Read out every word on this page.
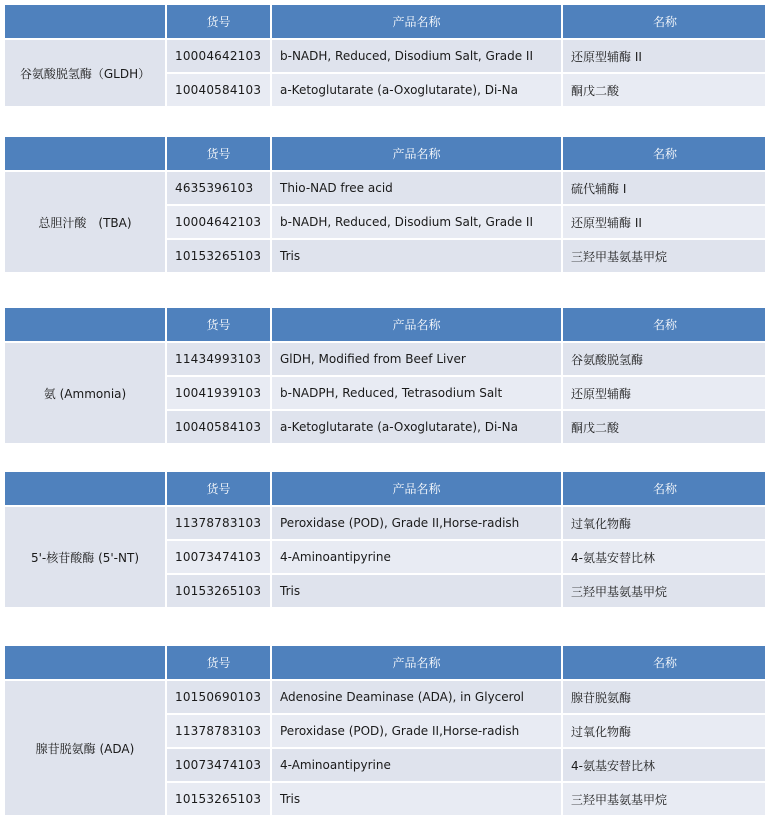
	货号	产品名称	名称
谷氨酸脱氢酶（GLDH）	10004642103	b-NADH, Reduced, Disodium Salt, Grade II	还原型辅酶 II
	10040584103	a-Ketoglutarate (a-Oxoglutarate), Di-Na	酮戊二酸
	货号	产品名称	名称
总胆汁酸　(TBA)	4635396103	Thio-NAD free acid	硫代辅酶 I
	10004642103	b-NADH, Reduced, Disodium Salt, Grade II	还原型辅酶 II
	10153265103	Tris	三羟甲基氨基甲烷
	货号	产品名称	名称
氨 (Ammonia)	11434993103	GlDH, Modified from Beef Liver	谷氨酸脱氢酶
	10041939103	b-NADPH, Reduced, Tetrasodium Salt	还原型辅酶
	10040584103	a-Ketoglutarate (a-Oxoglutarate), Di-Na	酮戊二酸
	货号	产品名称	名称
5'-核苷酸酶 (5'-NT)	11378783103	Peroxidase (POD), Grade II,Horse-radish	过氧化物酶
	10073474103	4-Aminoantipyrine	4-氨基安替比林
	10153265103	Tris	三羟甲基氨基甲烷
	货号	产品名称	名称
腺苷脱氨酶 (ADA)	10150690103	Adenosine Deaminase (ADA), in Glycerol	腺苷脱氨酶
	11378783103	Peroxidase (POD), Grade II,Horse-radish	过氧化物酶
	10073474103	4-Aminoantipyrine	4-氨基安替比林
	10153265103	Tris	三羟甲基氨基甲烷
